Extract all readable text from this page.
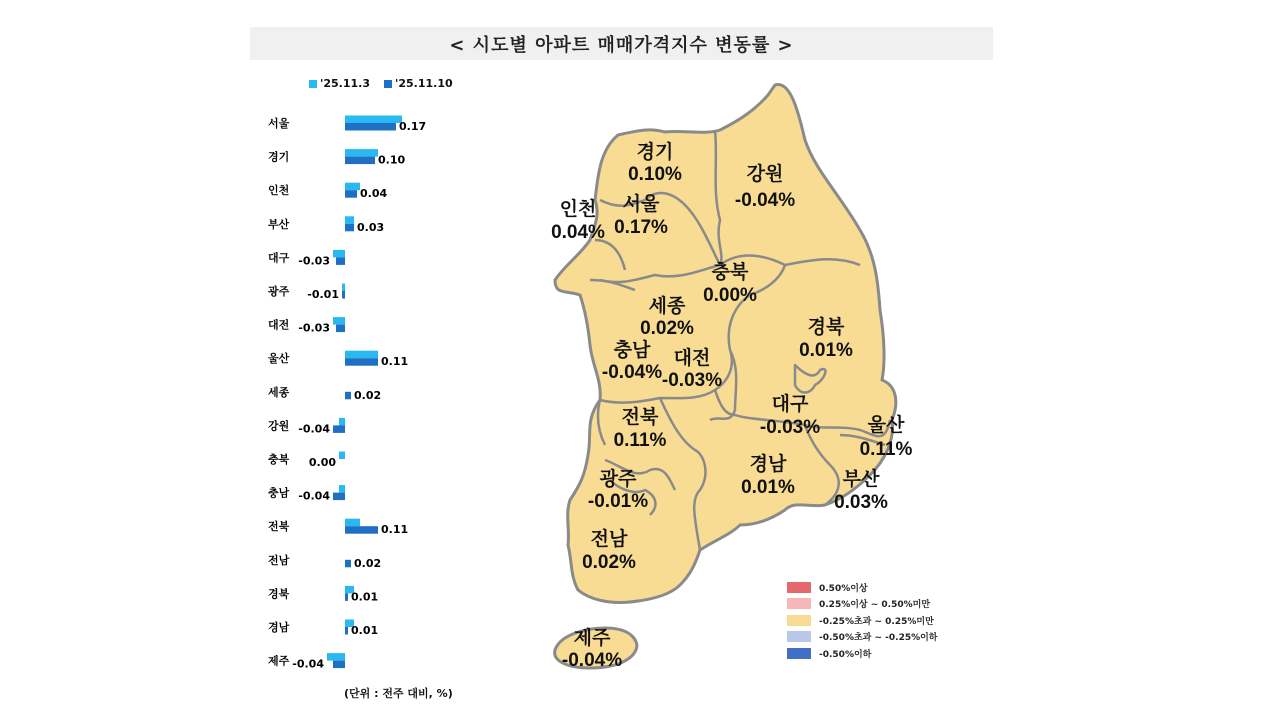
< 시도별 아파트 매매가격지수 변동률 >
'25.11.3 '25.11.10
서울	0.17
경기	0.10
인천	0.04
부산	0.03
대구 -0.03
광주 -0.01
대전 -0.03
울산	0.11
세종	0.02
강원 -0.04
충북 0.00
충남 -0.04
전북	0.11
전남	0.02
경북	0.01
경남	0.01
제주 -0.04
(단위 : 전주 대비, %)
경기
0.10%	강원
-0.04%
인천
0.04%
서울
0.17%
충북
0.00%
세종
0.02%	경북
0.01%
충남
-0.04%
대전
-0.03%
전북
0.11%
대구
-0.03%	울산
0.11%
광주
-0.01%
경남
0.01%	부산
0.03%
전남
0.02%
제주
-0.04%
0.50%이상
0.25%이상 ~ 0.50%미만
-0.25%초과 ~ 0.25%미만
-0.50%초과 ~ -0.25%이하
-0.50%이하
